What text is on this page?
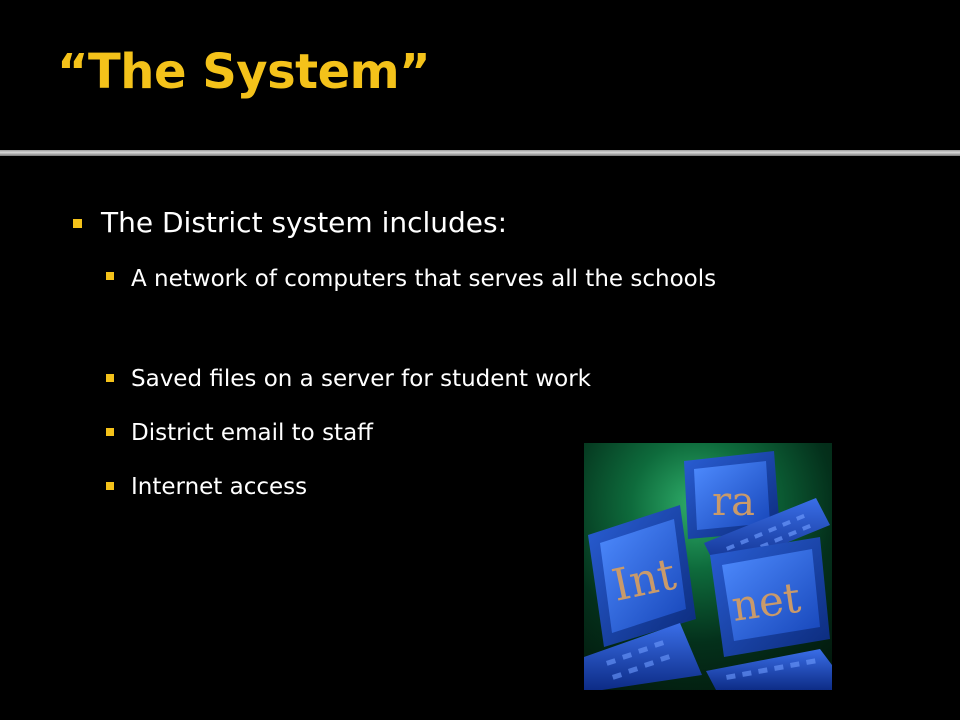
“The System”
The District system includes:
A network of computers that serves all the schools
Saved files on a server for student work
District email to staff
Internet access	ra
Int net
